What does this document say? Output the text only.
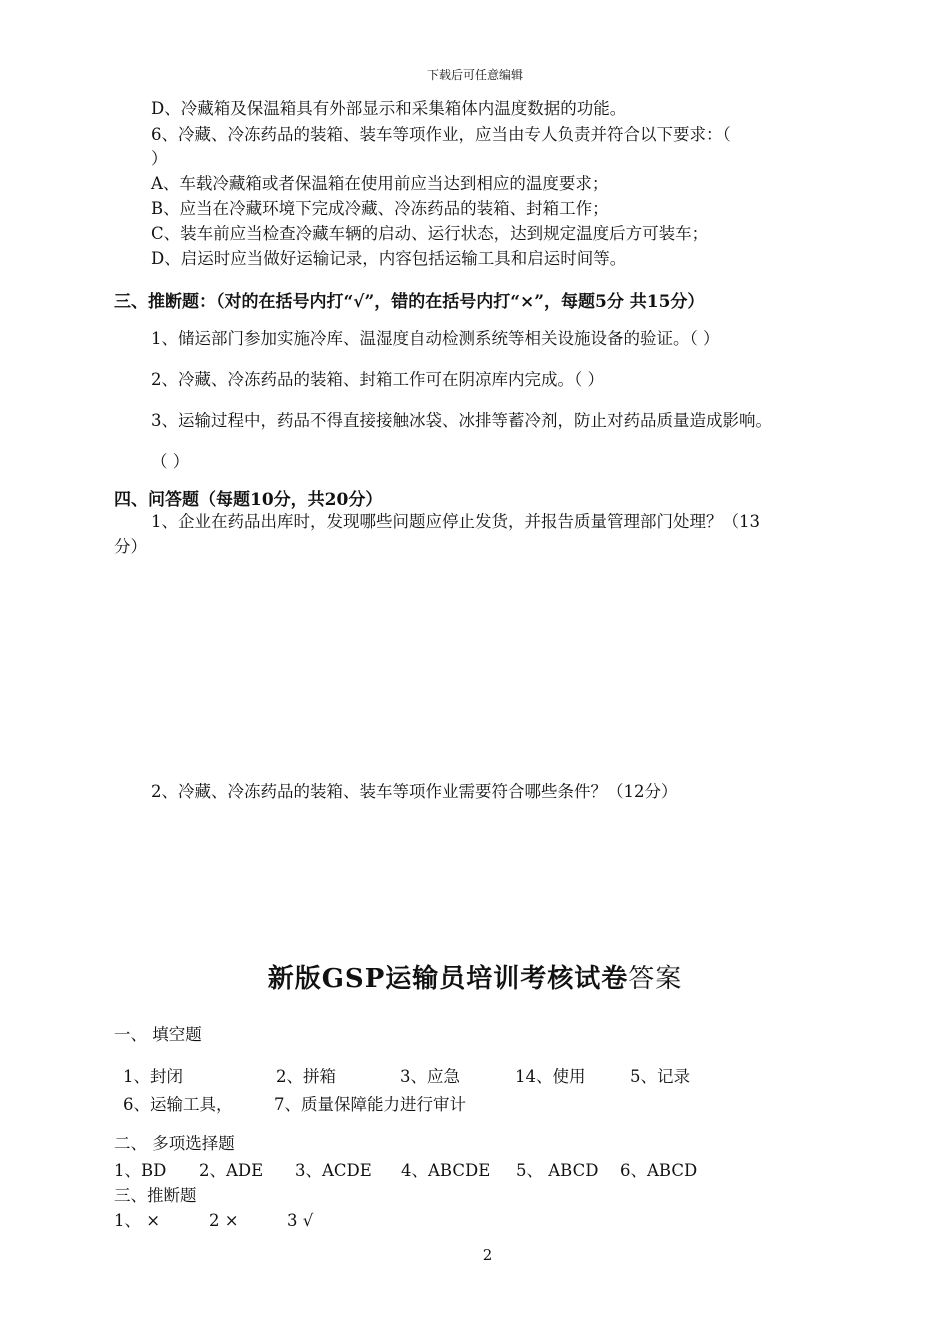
下载后可任意编辑
D、冷藏箱及保温箱具有外部显示和采集箱体内温度数据的功能。
6、冷藏、冷冻药品的装箱、装车等项作业，应当由专人负责并符合以下要求：（
）
A、车载冷藏箱或者保温箱在使用前应当达到相应的温度要求；
B、应当在冷藏环境下完成冷藏、冷冻药品的装箱、封箱工作；
C、装车前应当检查冷藏车辆的启动、运行状态，达到规定温度后方可装车；
D、启运时应当做好运输记录，内容包括运输工具和启运时间等。
三、推断题：（对的在括号内打“√”，错的在括号内打“×”，每题5分 共15分）
1、储运部门参加实施冷库、温湿度自动检测系统等相关设施设备的验证。（ ）
2、冷藏、冷冻药品的装箱、封箱工作可在阴凉库内完成。（ ）
3、运输过程中，药品不得直接接触冰袋、冰排等蓄冷剂，防止对药品质量造成影响。
（ ）
四、问答题（每题10分，共20分）
1、企业在药品出库时，发现哪些问题应停止发货，并报告质量管理部门处理？（13
分）
2、冷藏、冷冻药品的装箱、装车等项作业需要符合哪些条件？（12分）
新版GSP运输员培训考核试卷答案
一、 填空题
1、封闭	2、拼箱	3、应急	14、使用	5、记录
6、运输工具，	7、质量保障能力进行审计
二、 多项选择题
1、BD 2、ADE 3、ACDE 4、ABCDE 5、 ABCD 6、ABCD
三、推断题
1、 ×	2 ×	3 √
2
